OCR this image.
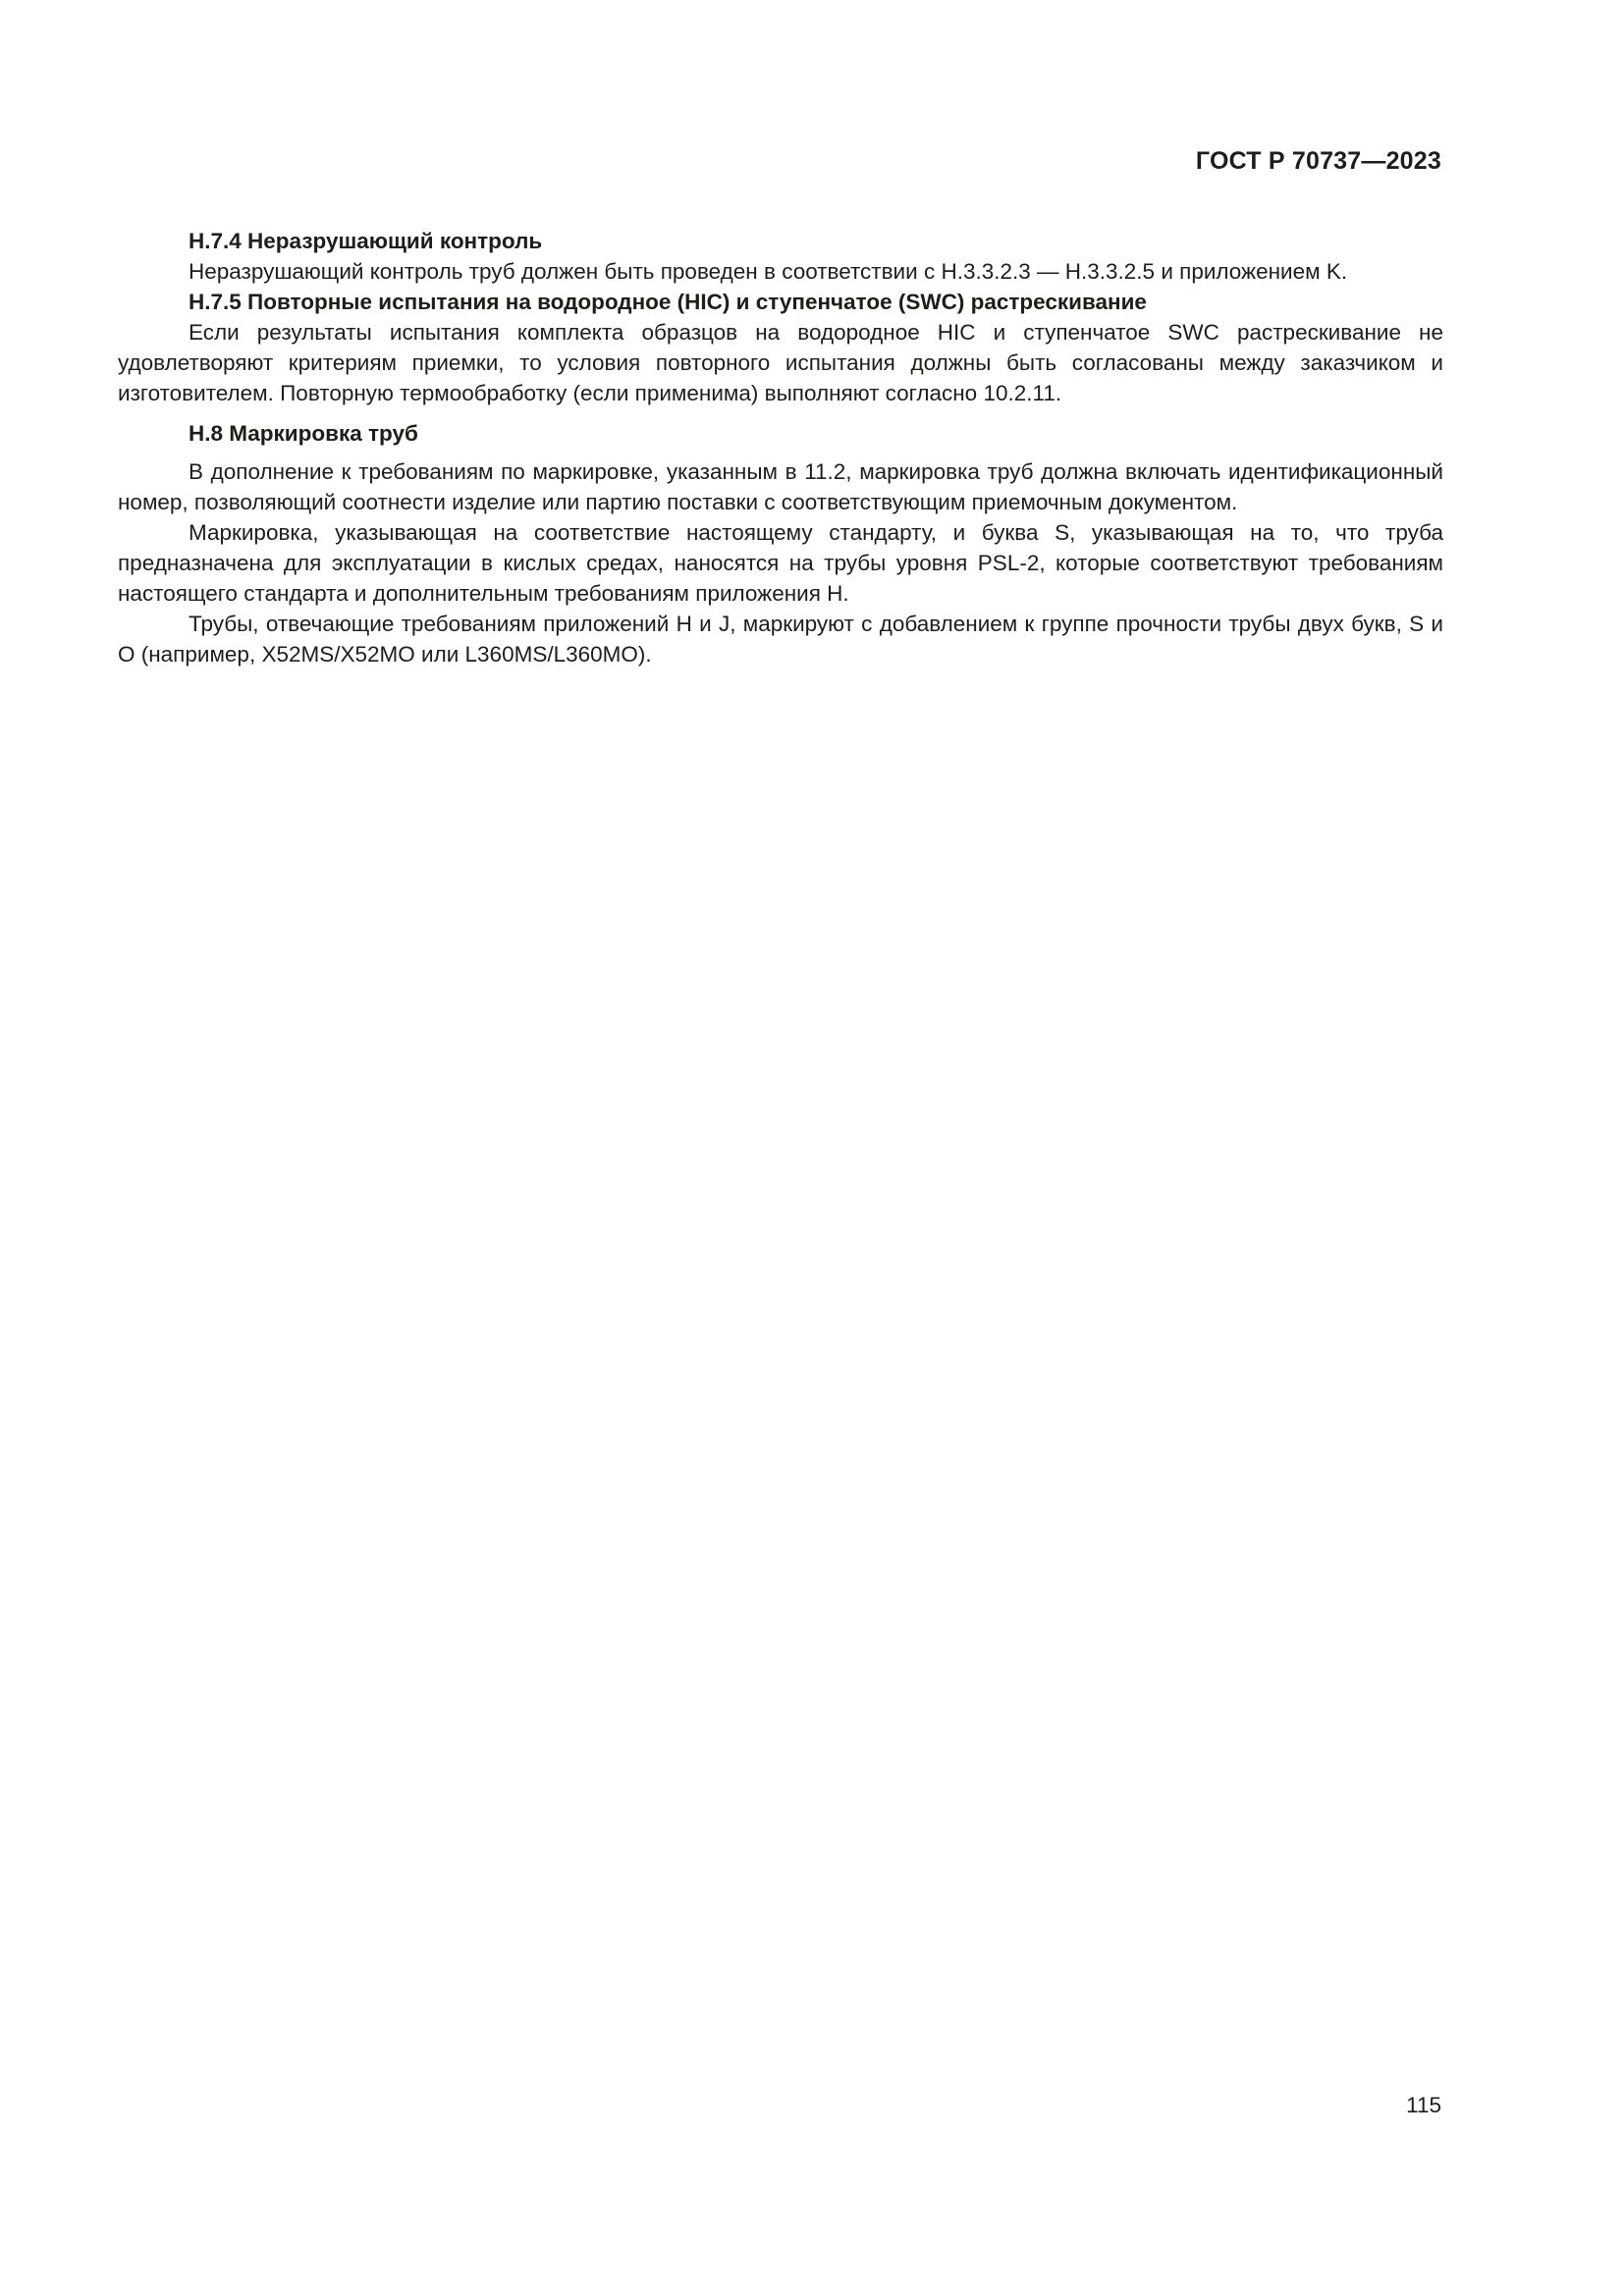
ГОСТ Р 70737—2023
H.7.4 Неразрушающий контроль

Неразрушающий контроль труб должен быть проведен в соответствии с H.3.3.2.3 — H.3.3.2.5 и приложением K.

H.7.5 Повторные испытания на водородное (HIC) и ступенчатое (SWC) растрескивание

Если результаты испытания комплекта образцов на водородное HIC и ступенчатое SWC растрескивание не удовлетворяют критериям приемки, то условия повторного испытания должны быть согласованы между заказчиком и изготовителем. Повторную термообработку (если применима) выполняют согласно 10.2.11.

H.8 Маркировка труб

В дополнение к требованиям по маркировке, указанным в 11.2, маркировка труб должна включать идентификационный номер, позволяющий соотнести изделие или партию поставки с соответствующим приемочным документом.

Маркировка, указывающая на соответствие настоящему стандарту, и буква S, указывающая на то, что труба предназначена для эксплуатации в кислых средах, наносятся на трубы уровня PSL-2, которые соответствуют требованиям настоящего стандарта и дополнительным требованиям приложения H.

Трубы, отвечающие требованиям приложений H и J, маркируют с добавлением к группе прочности трубы двух букв, S и O (например, X52MS/X52MO или L360MS/L360MO).

115
